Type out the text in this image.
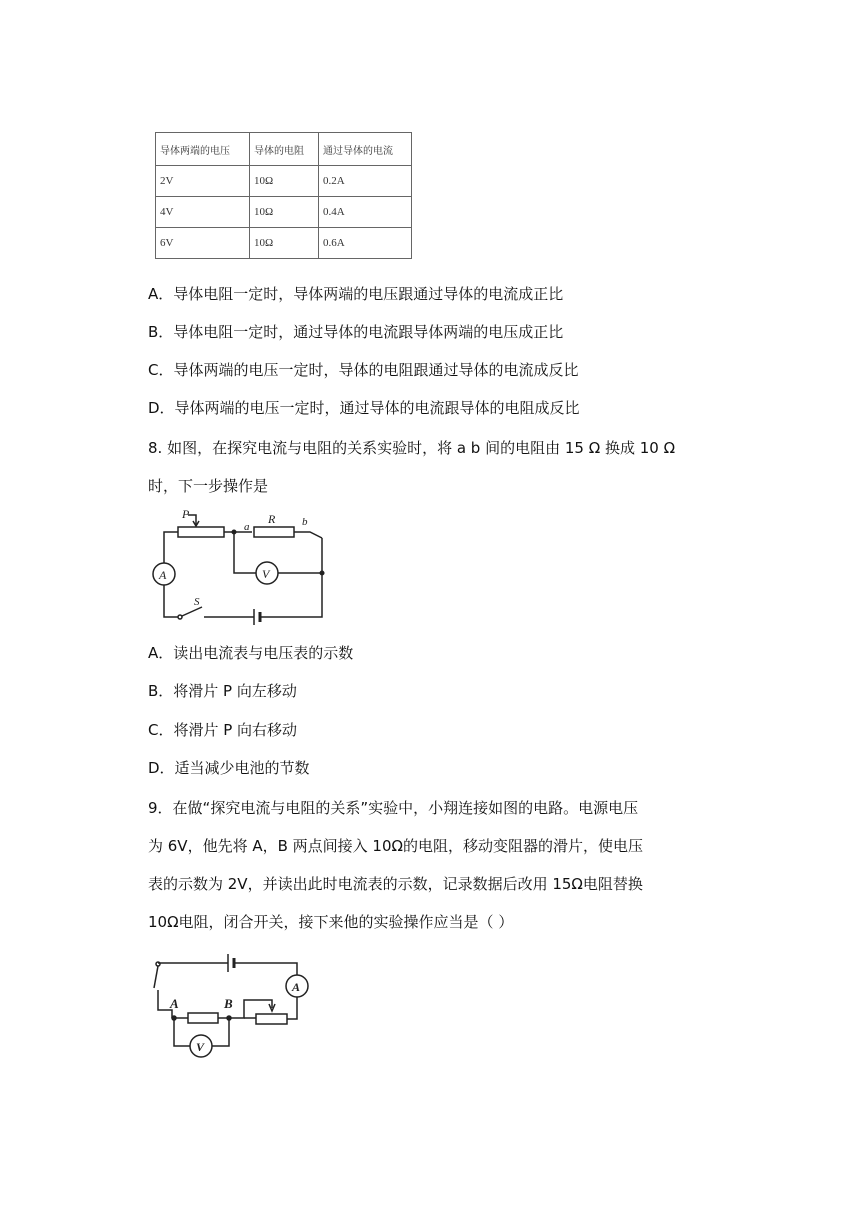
导体两端的电压	导体的电阻	通过导体的电流
2V	10Ω	0.2A
4V	10Ω	0.4A
6V	10Ω	0.6A
A．导体电阻一定时，导体两端的电压跟通过导体的电流成正比
B．导体电阻一定时，通过导体的电流跟导体两端的电压成正比
C．导体两端的电压一定时，导体的电阻跟通过导体的电流成反比
D．导体两端的电压一定时，通过导体的电流跟导体的电阻成反比
8. 如图，在探究电流与电阻的关系实验时，将 a b 间的电阻由 15 Ω 换成 10 Ω
时，下一步操作是
P
a
R b
A	V
S
A．读出电流表与电压表的示数
B．将滑片 P 向左移动
C．将滑片 P 向右移动
D．适当减少电池的节数
9．在做“探究电流与电阻的关系”实验中，小翔连接如图的电路。电源电压
为 6V，他先将 A，B 两点间接入 10Ω的电阻，移动变阻器的滑片，使电压
表的示数为 2V，并读出此时电流表的示数，记录数据后改用 15Ω电阻替换
10Ω电阻，闭合开关，接下来他的实验操作应当是（ ）
A	B
A
V
